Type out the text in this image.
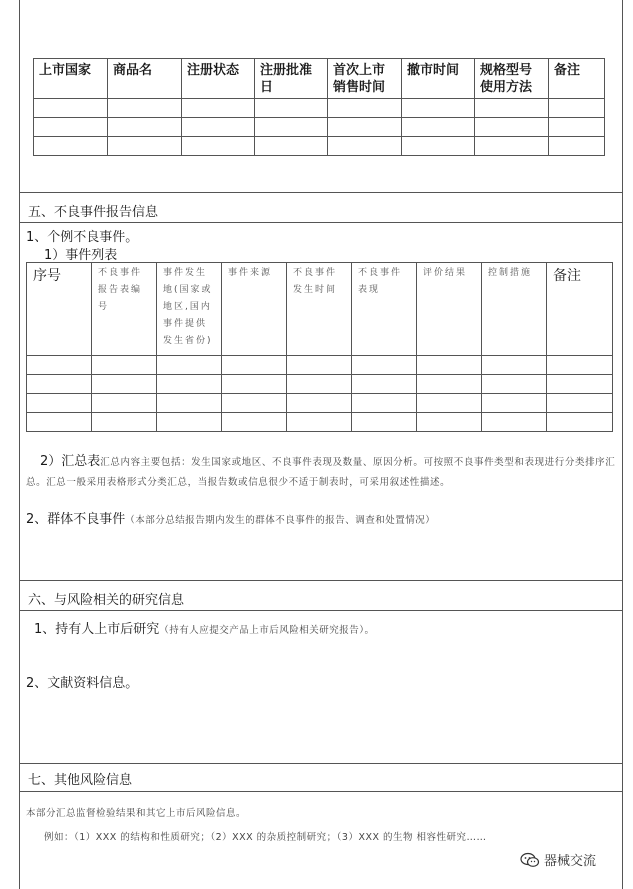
上市国家	商品名	注册状态	注册批准日	首次上市销售时间	撤市时间	规格型号使用方法	备注

五、不良事件报告信息
1、个例不良事件。
1）事件列表
序号	不良事件报告表编号	事件发生地(国家或地区,国内事件提供发生省份)	事件来源	不良事件发生时间	不良事件表现	评价结果	控制措施	备注

2）汇总表汇总内容主要包括：发生国家或地区、不良事件表现及数量、原因分析。可按照不良事件类型和表现进行分类排序汇总。汇总一般采用表格形式分类汇总，当报告数或信息很少不适于制表时，可采用叙述性描述。
2、群体不良事件（本部分总结报告期内发生的群体不良事件的报告、调查和处置情况）
六、与风险相关的研究信息
1、持有人上市后研究（持有人应提交产品上市后风险相关研究报告）。
2、文献资料信息。
七、其他风险信息
本部分汇总监督检验结果和其它上市后风险信息。
例如：（1）XXX 的结构和性质研究；（2）XXX 的杂质控制研究；（3）XXX 的生物 相容性研究……
器械交流
